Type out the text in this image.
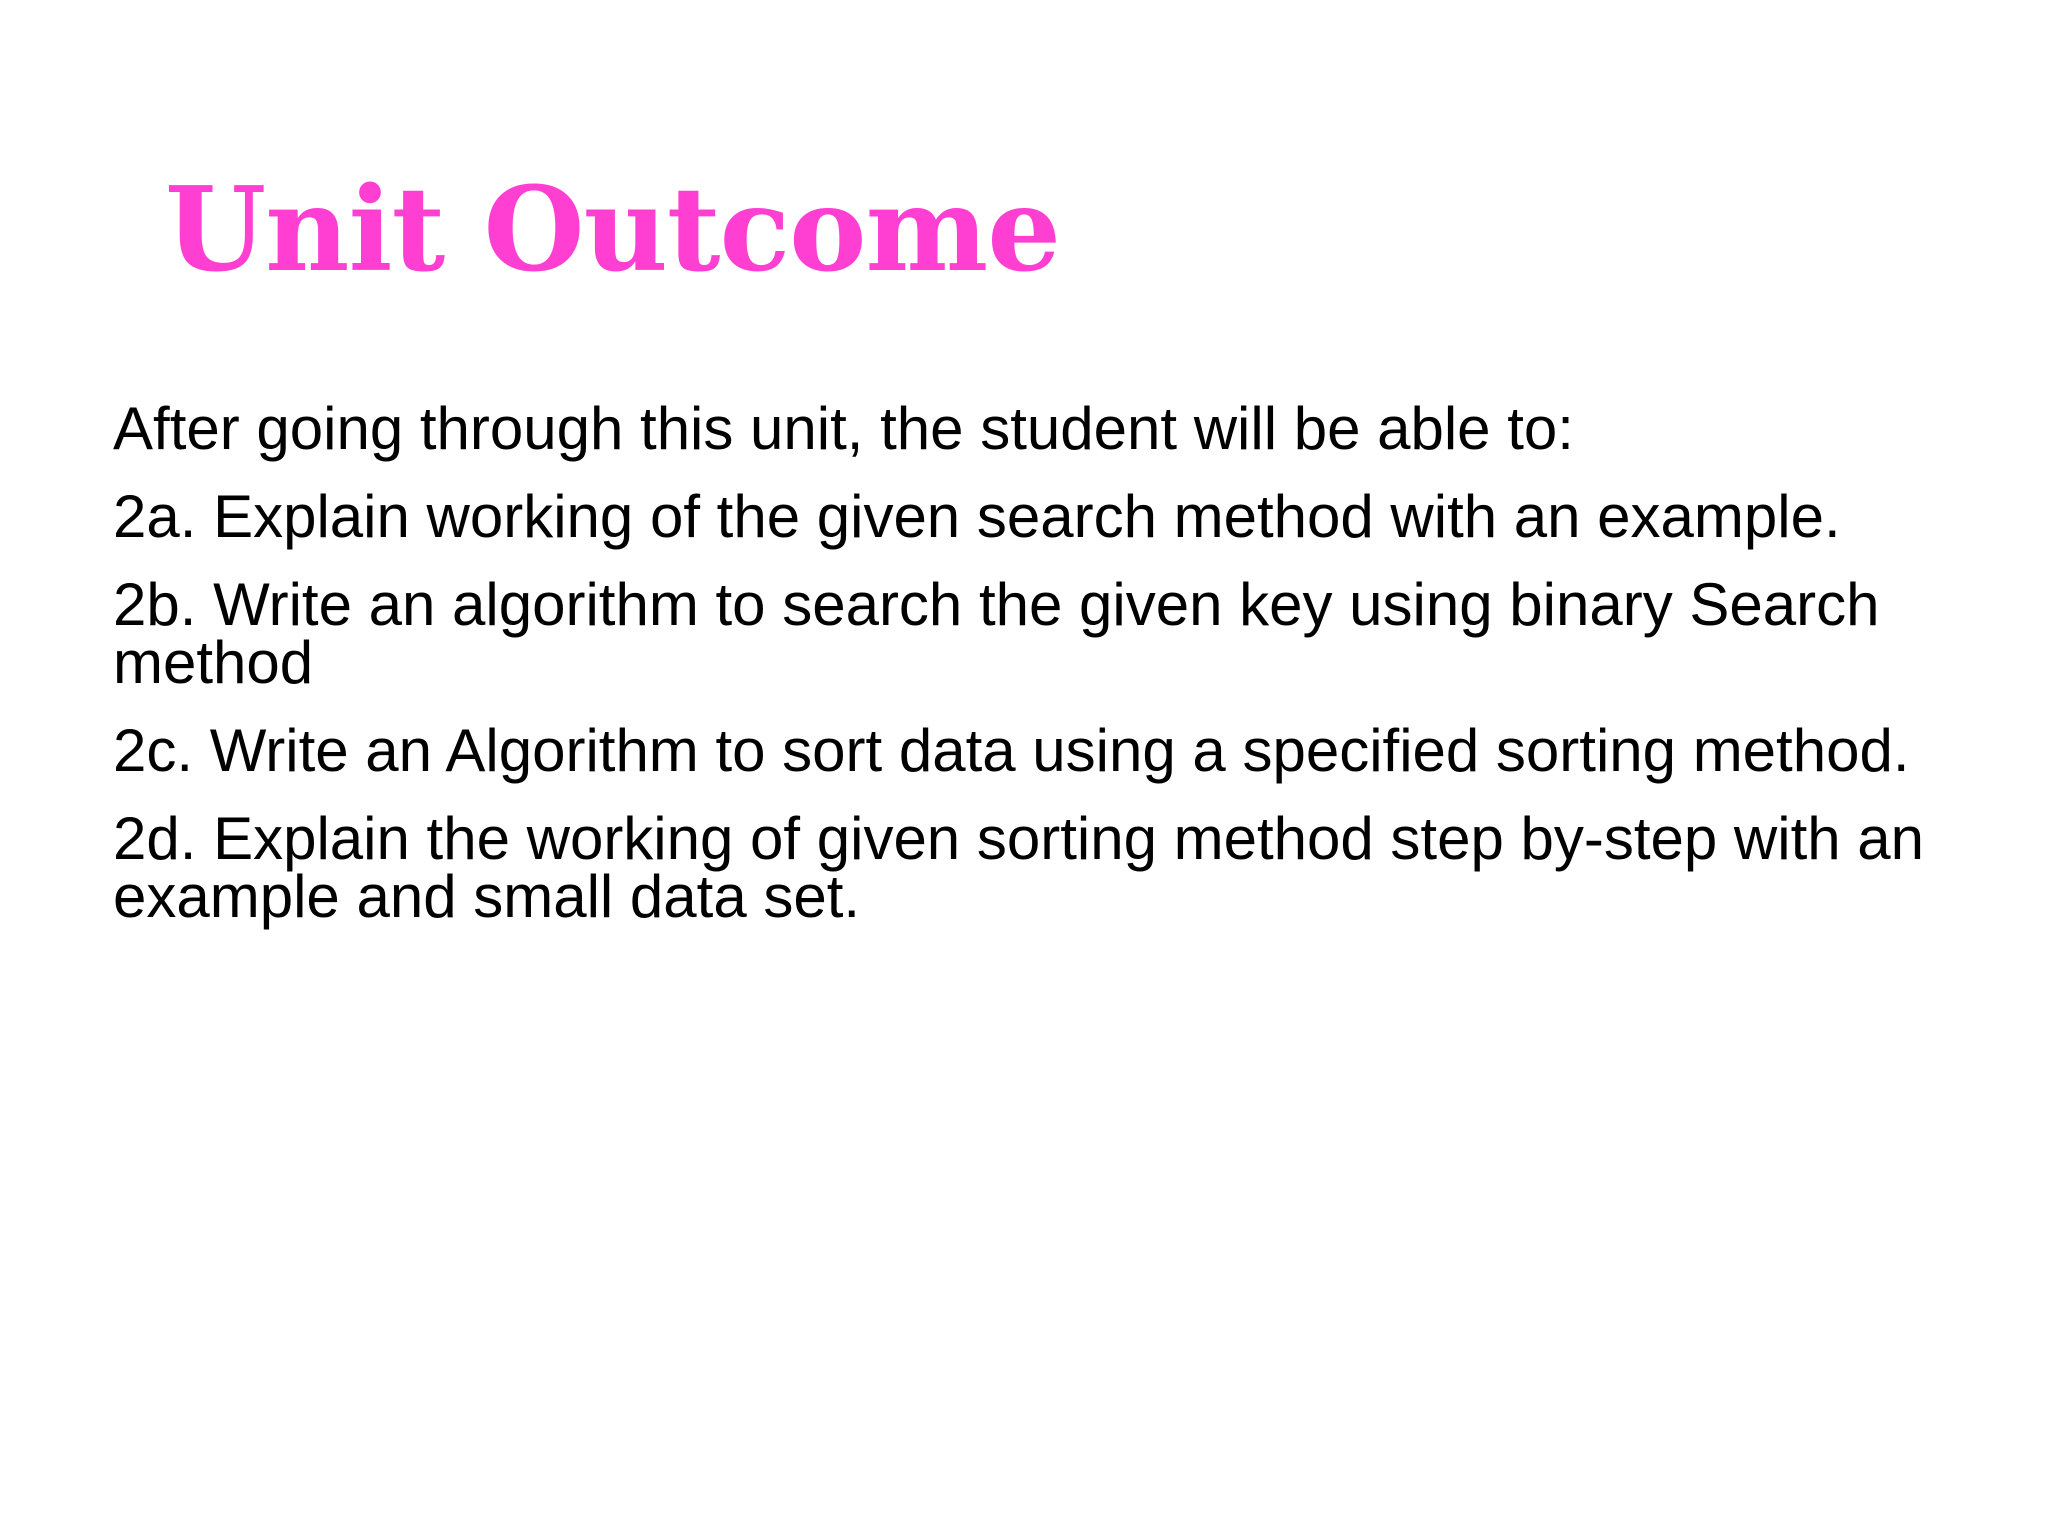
Unit Outcome

After going through this unit, the student will be able to:

2a. Explain working of the given search method with an example.

2b. Write an algorithm to search the given key using binary Search method

2c. Write an Algorithm to sort data using a specified sorting method.

2d. Explain the working of given sorting method step by-step with an example and small data set.
